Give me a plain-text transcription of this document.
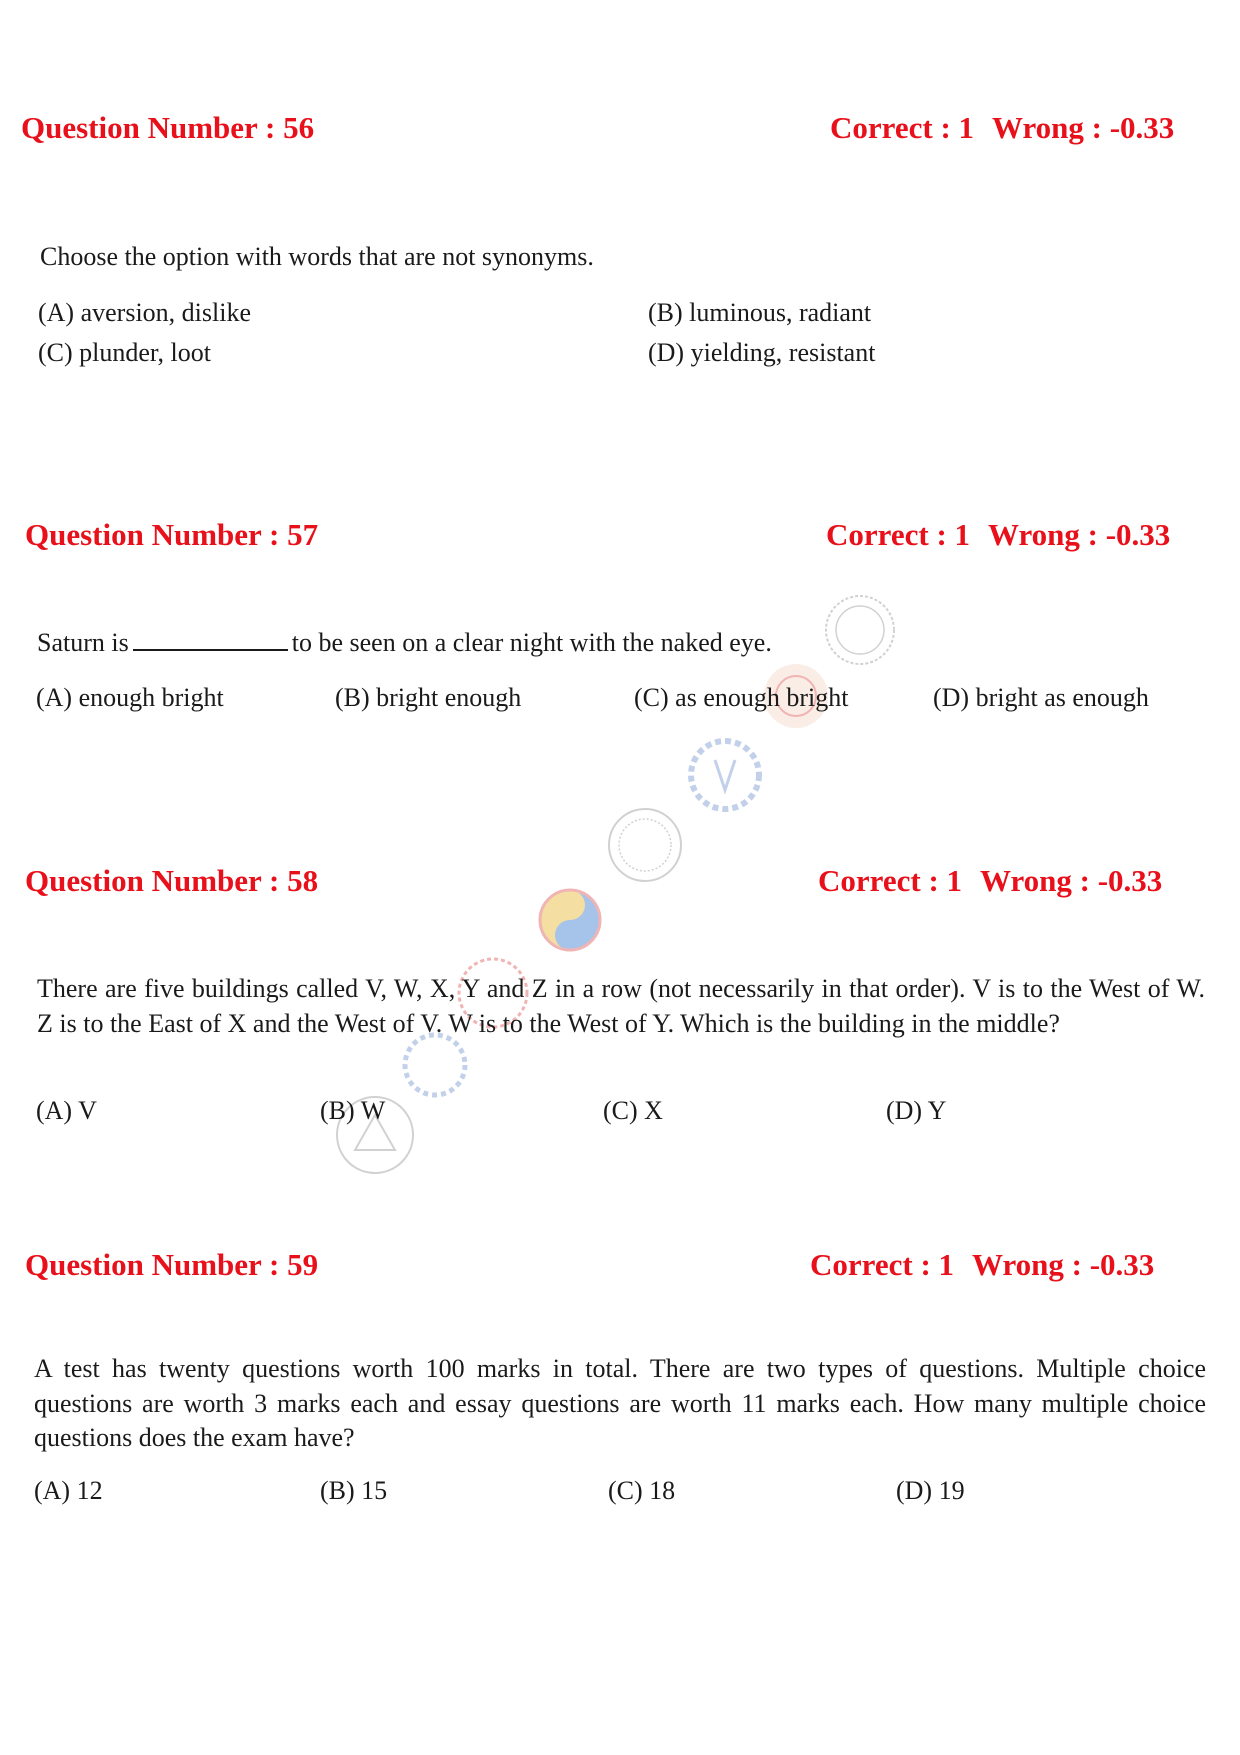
Question Number : 56	Correct : 1 Wrong : -0.33
Choose the option with words that are not synonyms.
(A) aversion, dislike	(B) luminous, radiant
(C) plunder, loot	(D) yielding, resistant
Question Number : 57	Correct : 1 Wrong : -0.33
Saturn is	to be seen on a clear night with the naked eye.
(A) enough bright	(B) bright enough	(C) as enough bright	(D) bright as enough
Question Number : 58	Correct : 1 Wrong : -0.33
There are five buildings called V, W, X, Y and Z in a row (not necessarily in that order). V is to the West of W. Z is to the East of X and the West of V. W is to the West of Y. Which is the building in the middle?
(A) V	(B) W	(C) X	(D) Y
Question Number : 59	Correct : 1 Wrong : -0.33
A test has twenty questions worth 100 marks in total. There are two types of questions. Multiple choice questions are worth 3 marks each and essay questions are worth 11 marks each. How many multiple choice questions does the exam have?
(A) 12	(B) 15	(C) 18	(D) 19
